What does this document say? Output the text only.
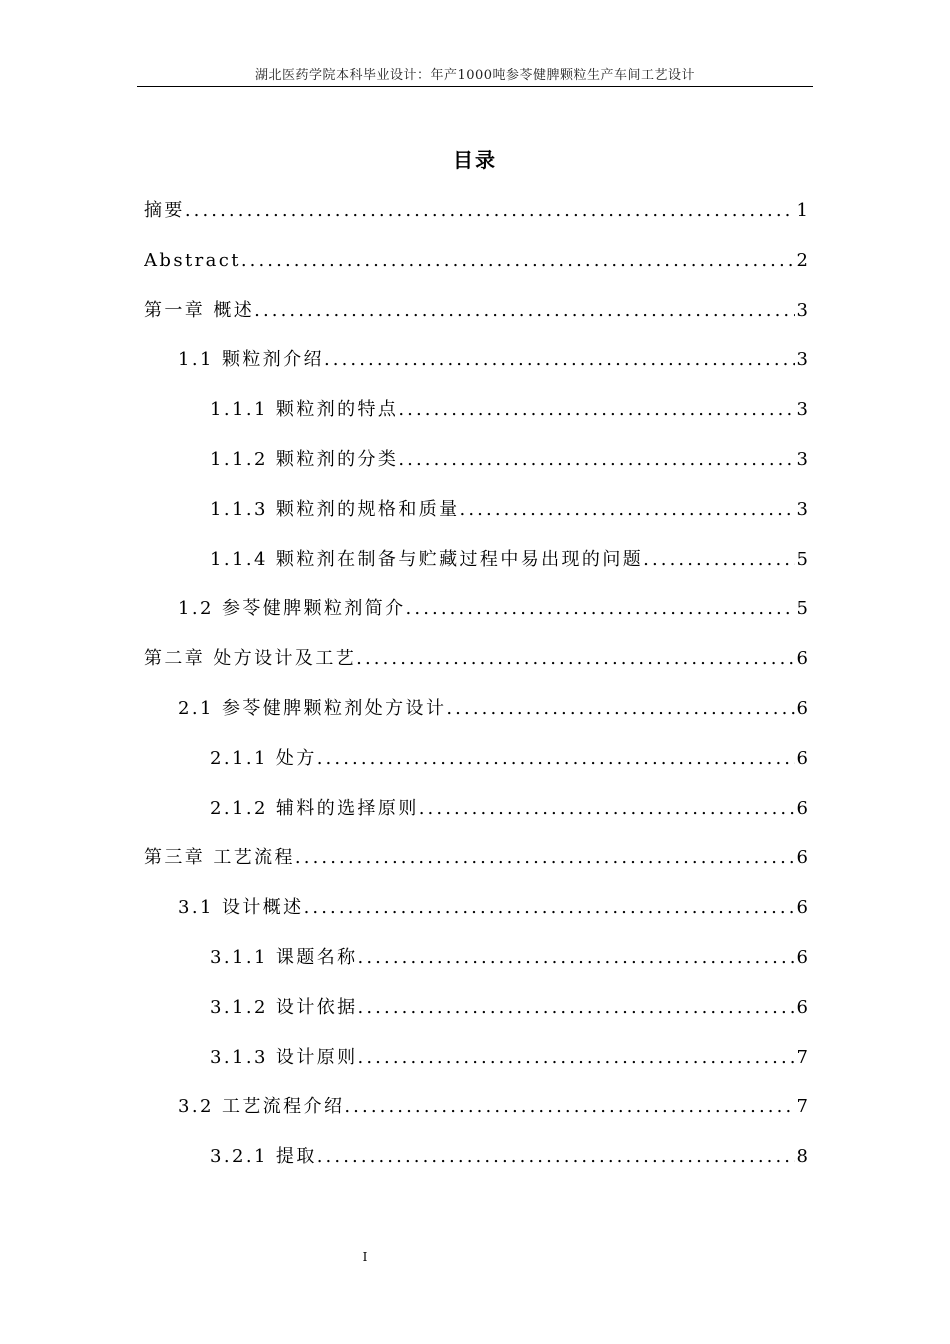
湖北医药学院本科毕业设计：年产1000吨参苓健脾颗粒生产车间工艺设计
目录
摘要 .....	1
Abstract .....	2
第一章 概述 .....	3
1.1 颗粒剂介绍 .....	3
1.1.1 颗粒剂的特点 .....	3
1.1.2 颗粒剂的分类 .....	3
1.1.3 颗粒剂的规格和质量 .....	3
1.1.4 颗粒剂在制备与贮藏过程中易出现的问题 .....	5
1.2 参苓健脾颗粒剂简介 .....	5
第二章 处方设计及工艺 .....	6
2.1 参苓健脾颗粒剂处方设计 .....	6
2.1.1 处方 .....	6
2.1.2 辅料的选择原则 .....	6
第三章 工艺流程 .....	6
3.1 设计概述 .....	6
3.1.1 课题名称 .....	6
3.1.2 设计依据 .....	6
3.1.3 设计原则 .....	7
3.2 工艺流程介绍 .....	7
3.2.1 提取 .....	8
I
